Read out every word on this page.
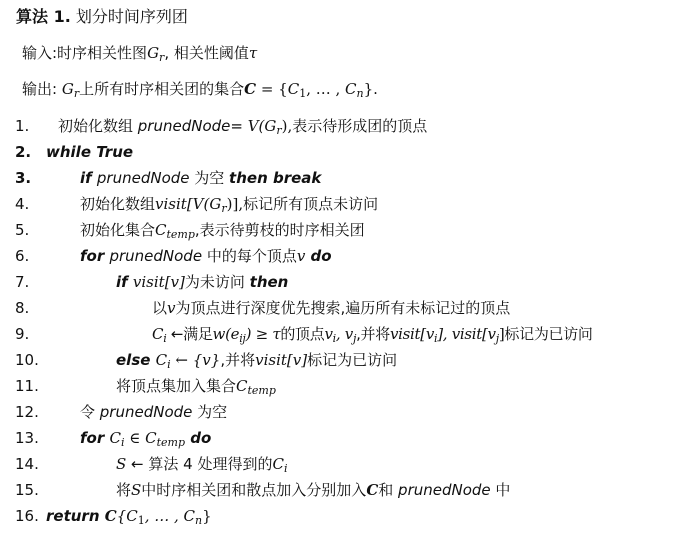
算法 1. 划分时间序列团
输入:时序相关性图$G_r$, 相关性阈值τ
输出: $G_r$上所有时序相关团的集合$C = \{C_1$, … , $C_n$}.
1.	初始化数组 prunedNode= $V(G_r)$,表示待形成团的顶点
2. while True
3.	if prunedNode 为空 then break
4.	初始化数组$visit[V(G_r)]$,标记所有顶点未访问
5.	初始化集合$C_{temp}$,表示待剪枝的时序相关团
6.	for prunedNode 中的每个顶点v do
7.	if visit[v]为未访问 then
8.	以v为顶点进行深度优先搜索,遍历所有未标记过的顶点
9.	$C_i$ ←满足$w(e_{ij}) \ge \tau$的顶点$v_i$, $v_j$,并将$visit[v_i]$, $visit[v_j]$标记为已访问
10.	else $C_i$ ← {v},并将visit[v]标记为已访问
11.	将顶点集加入集合$C_{temp}$
12.	令 prunedNode 为空
13.	for $C_i$ ∈ $C_{temp}$ do
14.	S ← 算法 4 处理得到的$C_i$
15.	将S中时序相关团和散点加入分别加入C和 prunedNode 中
16. return $C\{C_1$, … , $C_n$}
